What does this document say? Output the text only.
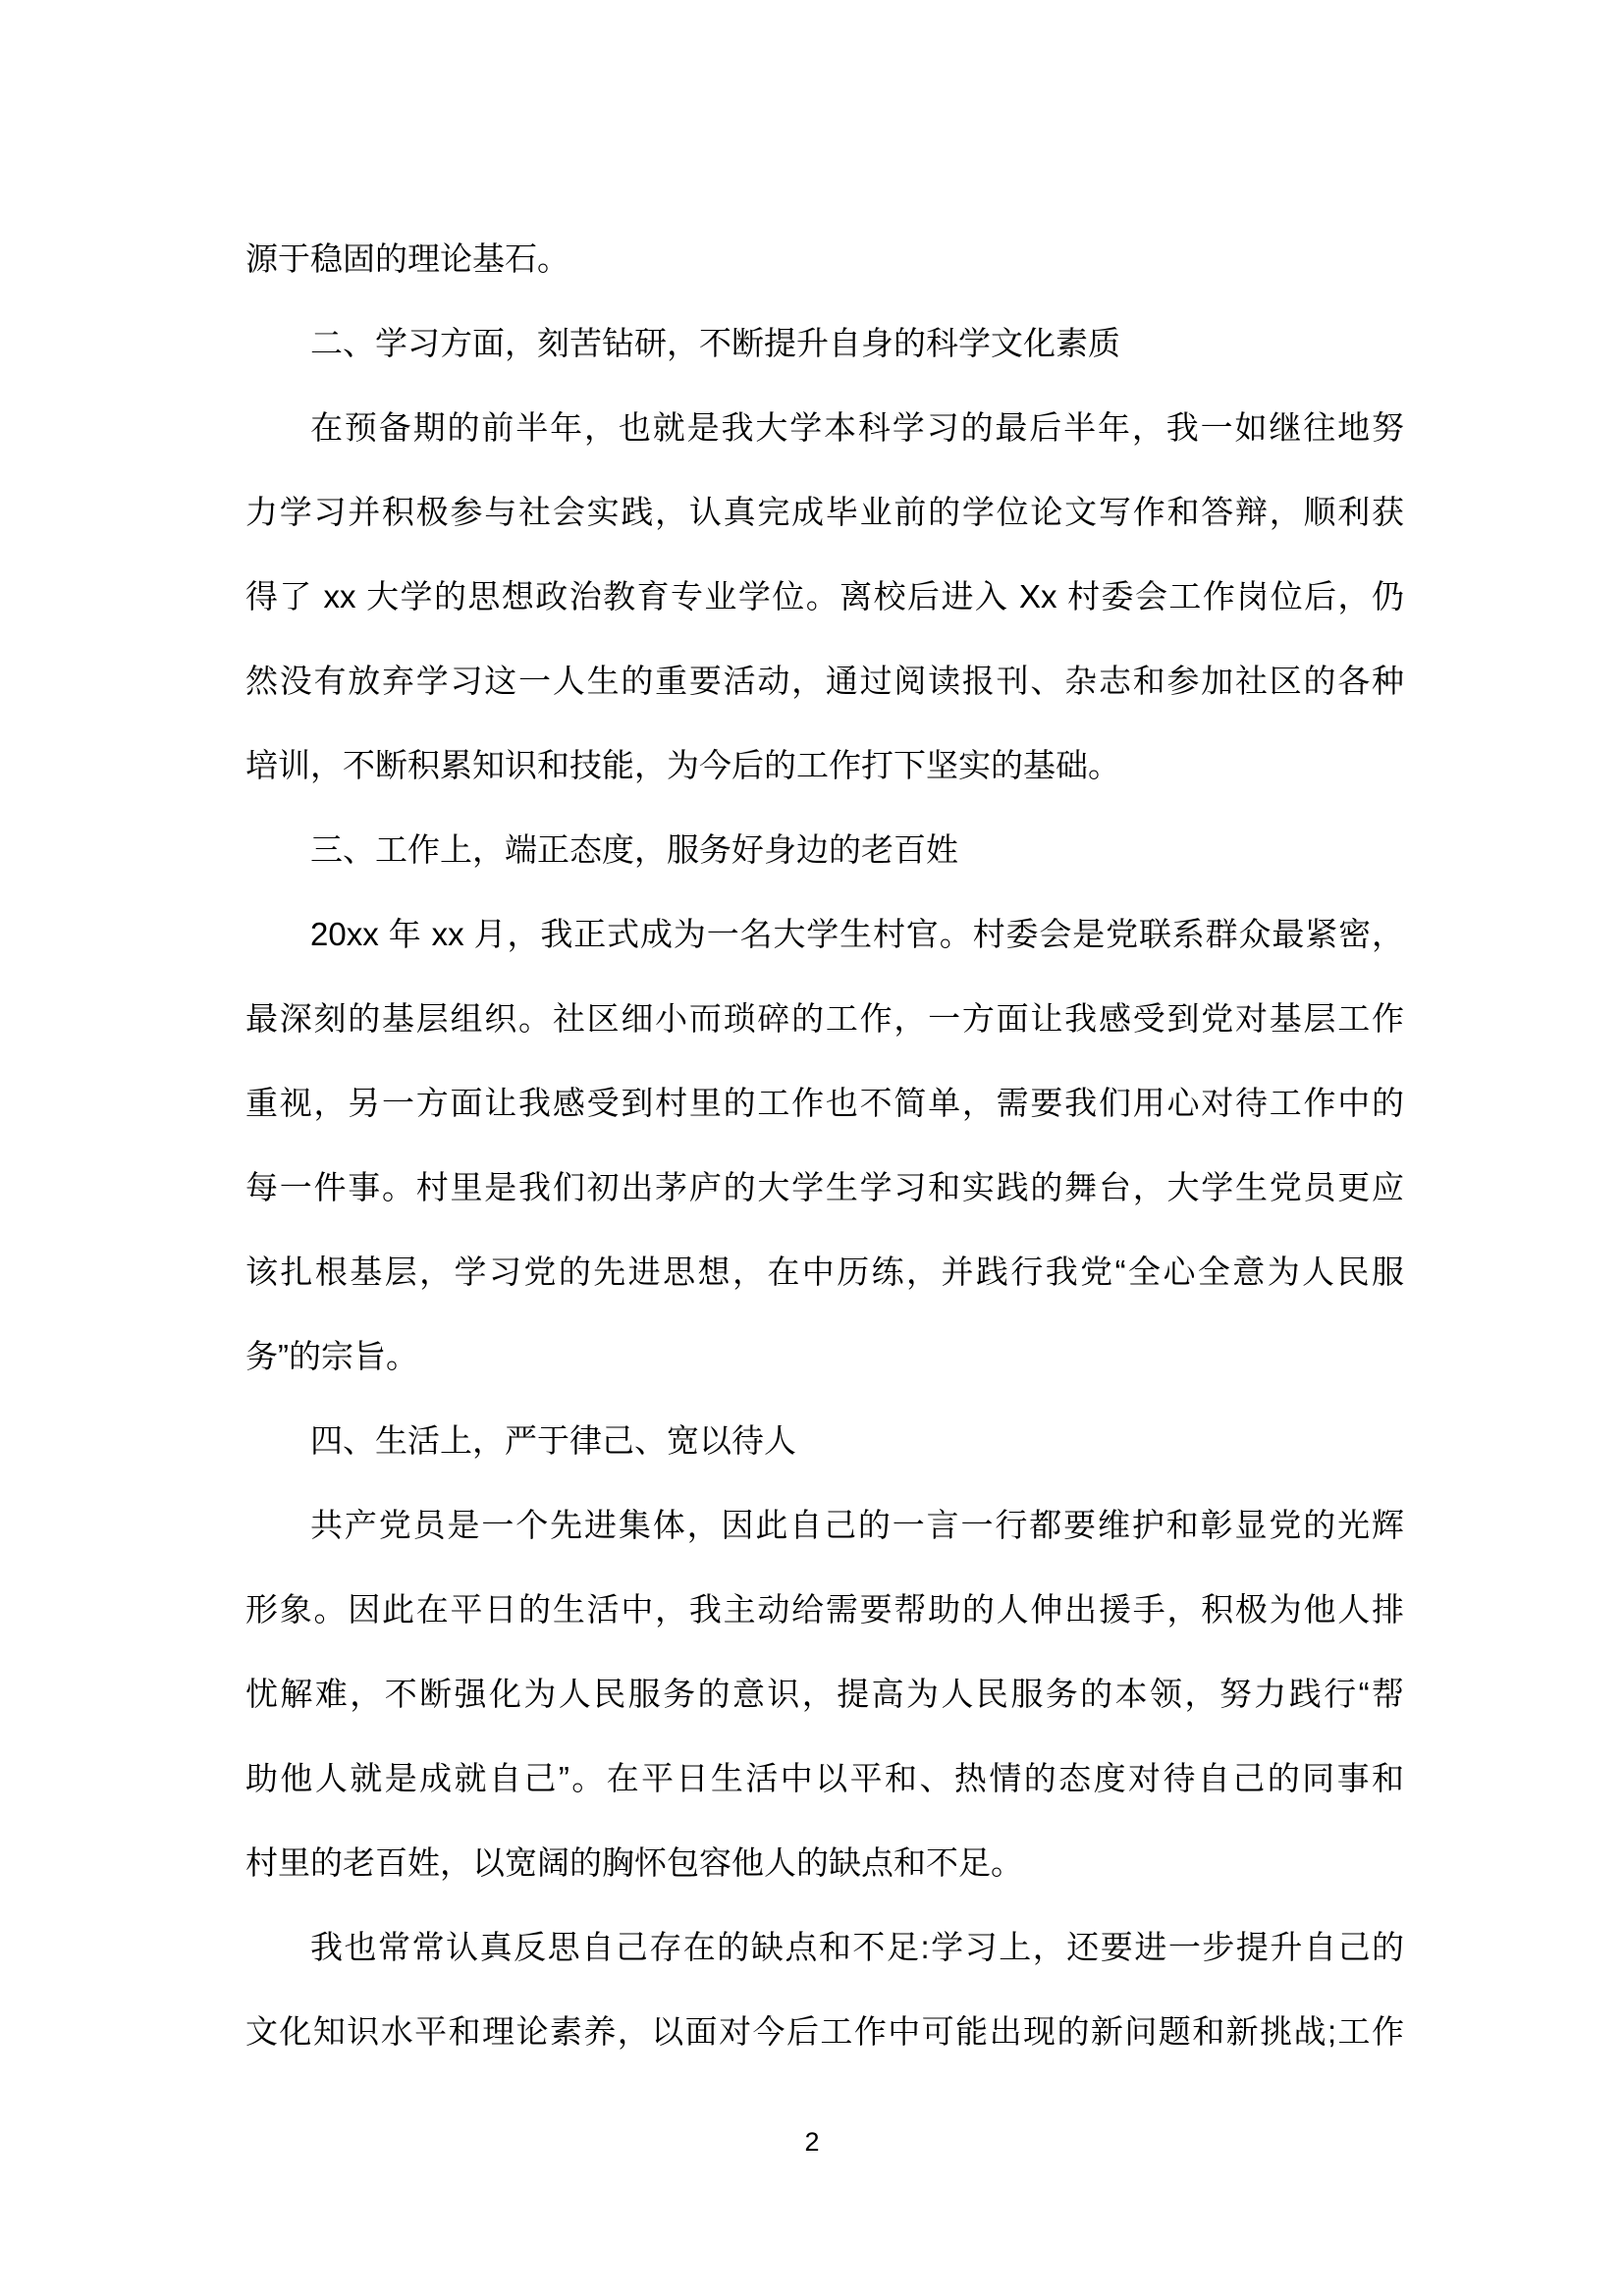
源于稳固的理论基石。
二、学习方面，刻苦钻研，不断提升自身的科学文化素质
在预备期的前半年，也就是我大学本科学习的最后半年，我一如继往地努
力学习并积极参与社会实践，认真完成毕业前的学位论文写作和答辩，顺利获
得了 xx 大学的思想政治教育专业学位。离校后进入 Xx 村委会工作岗位后，仍
然没有放弃学习这一人生的重要活动，通过阅读报刊、杂志和参加社区的各种
培训，不断积累知识和技能，为今后的工作打下坚实的基础。
三、工作上，端正态度，服务好身边的老百姓
20xx 年 xx 月，我正式成为一名大学生村官。村委会是党联系群众最紧密，
最深刻的基层组织。社区细小而琐碎的工作，一方面让我感受到党对基层工作
重视，另一方面让我感受到村里的工作也不简单，需要我们用心对待工作中的
每一件事。村里是我们初出茅庐的大学生学习和实践的舞台，大学生党员更应
该扎根基层，学习党的先进思想，在中历练，并践行我党“全心全意为人民服
务”的宗旨。
四、生活上，严于律己、宽以待人
共产党员是一个先进集体，因此自己的一言一行都要维护和彰显党的光辉
形象。因此在平日的生活中，我主动给需要帮助的人伸出援手，积极为他人排
忧解难，不断强化为人民服务的意识，提高为人民服务的本领，努力践行“帮
助他人就是成就自己”。在平日生活中以平和、热情的态度对待自己的同事和
村里的老百姓，以宽阔的胸怀包容他人的缺点和不足。
我也常常认真反思自己存在的缺点和不足:学习上，还要进一步提升自己的
文化知识水平和理论素养，以面对今后工作中可能出现的新问题和新挑战;工作
2
